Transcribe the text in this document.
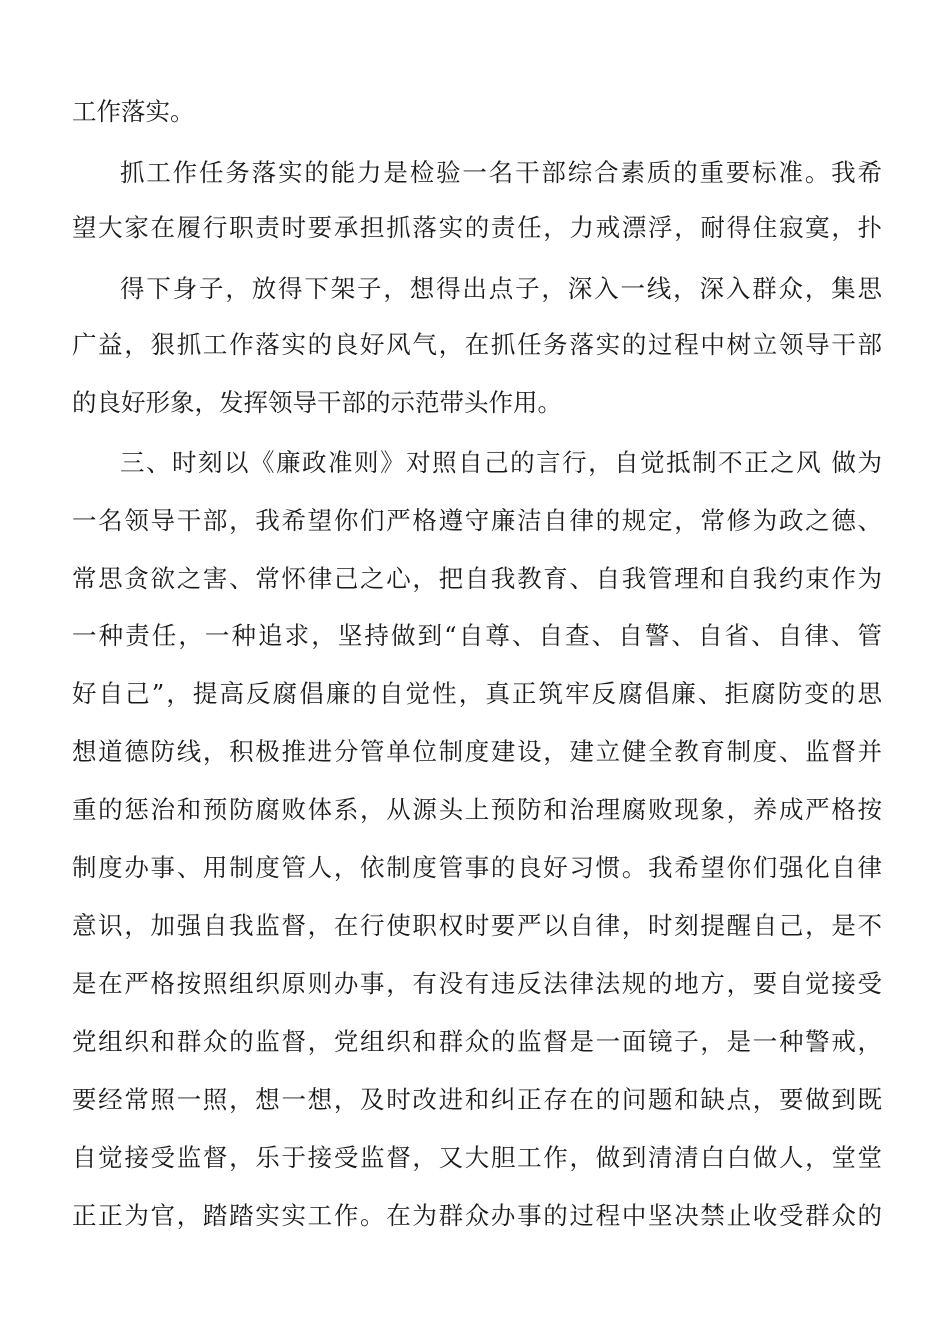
工作落实。
抓工作任务落实的能力是检验一名干部综合素质的重要标准。我希
望大家在履行职责时要承担抓落实的责任，力戒漂浮，耐得住寂寞，扑
得下身子，放得下架子，想得出点子，深入一线，深入群众，集思
广益，狠抓工作落实的良好风气，在抓任务落实的过程中树立领导干部
的良好形象，发挥领导干部的示范带头作用。
三、时刻以《廉政准则》对照自己的言行，自觉抵制不正之风 做为
一名领导干部，我希望你们严格遵守廉洁自律的规定，常修为政之德、
常思贪欲之害、常怀律己之心，把自我教育、自我管理和自我约束作为
一种责任，一种追求，坚持做到“自尊、自查、自警、自省、自律、管
好自己”，提高反腐倡廉的自觉性，真正筑牢反腐倡廉、拒腐防变的思
想道德防线，积极推进分管单位制度建设，建立健全教育制度、监督并
重的惩治和预防腐败体系，从源头上预防和治理腐败现象，养成严格按
制度办事、用制度管人，依制度管事的良好习惯。我希望你们强化自律
意识，加强自我监督，在行使职权时要严以自律，时刻提醒自己，是不
是在严格按照组织原则办事，有没有违反法律法规的地方，要自觉接受
党组织和群众的监督，党组织和群众的监督是一面镜子，是一种警戒，
要经常照一照，想一想，及时改进和纠正存在的问题和缺点，要做到既
自觉接受监督，乐于接受监督，又大胆工作，做到清清白白做人，堂堂
正正为官，踏踏实实工作。在为群众办事的过程中坚决禁止收受群众的
